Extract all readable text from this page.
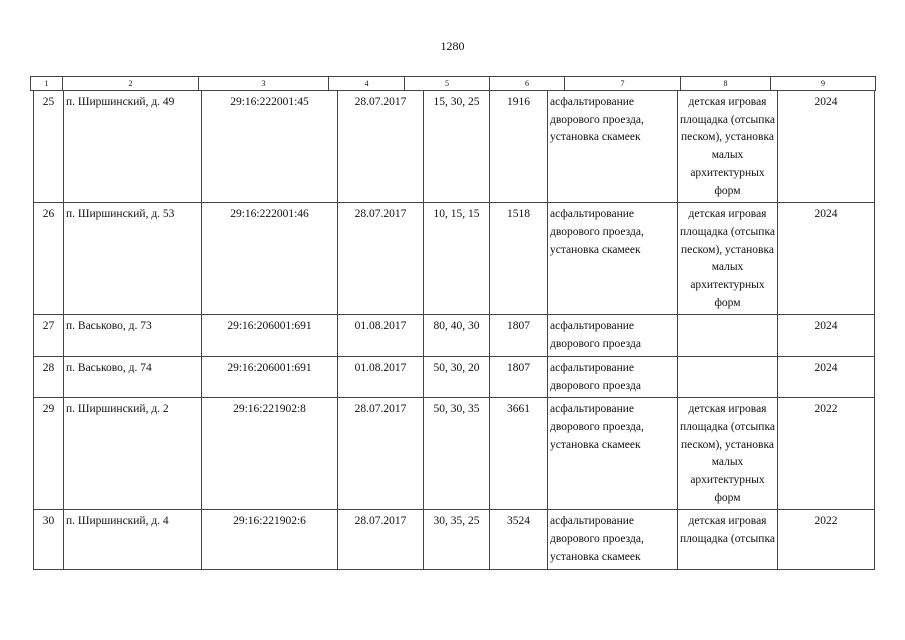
1280
1	2	3	4	5	6	7	8	9
25	п. Ширшинский, д. 49	29:16:222001:45	28.07.2017	15, 30, 25	1916	асфальтирование дворового проезда, установка скамеек	детская игровая площадка (отсыпка песком), установка малых архитектурных форм	2024
26	п. Ширшинский, д. 53	29:16:222001:46	28.07.2017	10, 15, 15	1518	асфальтирование дворового проезда, установка скамеек	детская игровая площадка (отсыпка песком), установка малых архитектурных форм	2024
27	п. Васьково, д. 73	29:16:206001:691	01.08.2017	80, 40, 30	1807	асфальтирование дворового проезда		2024
28	п. Васьково, д. 74	29:16:206001:691	01.08.2017	50, 30, 20	1807	асфальтирование дворового проезда		2024
29	п. Ширшинский, д. 2	29:16:221902:8	28.07.2017	50, 30, 35	3661	асфальтирование дворового проезда, установка скамеек	детская игровая площадка (отсыпка песком), установка малых архитектурных форм	2022
30	п. Ширшинский, д. 4	29:16:221902:6	28.07.2017	30, 35, 25	3524	асфальтирование дворового проезда, установка скамеек	детская игровая площадка (отсыпка	2022
